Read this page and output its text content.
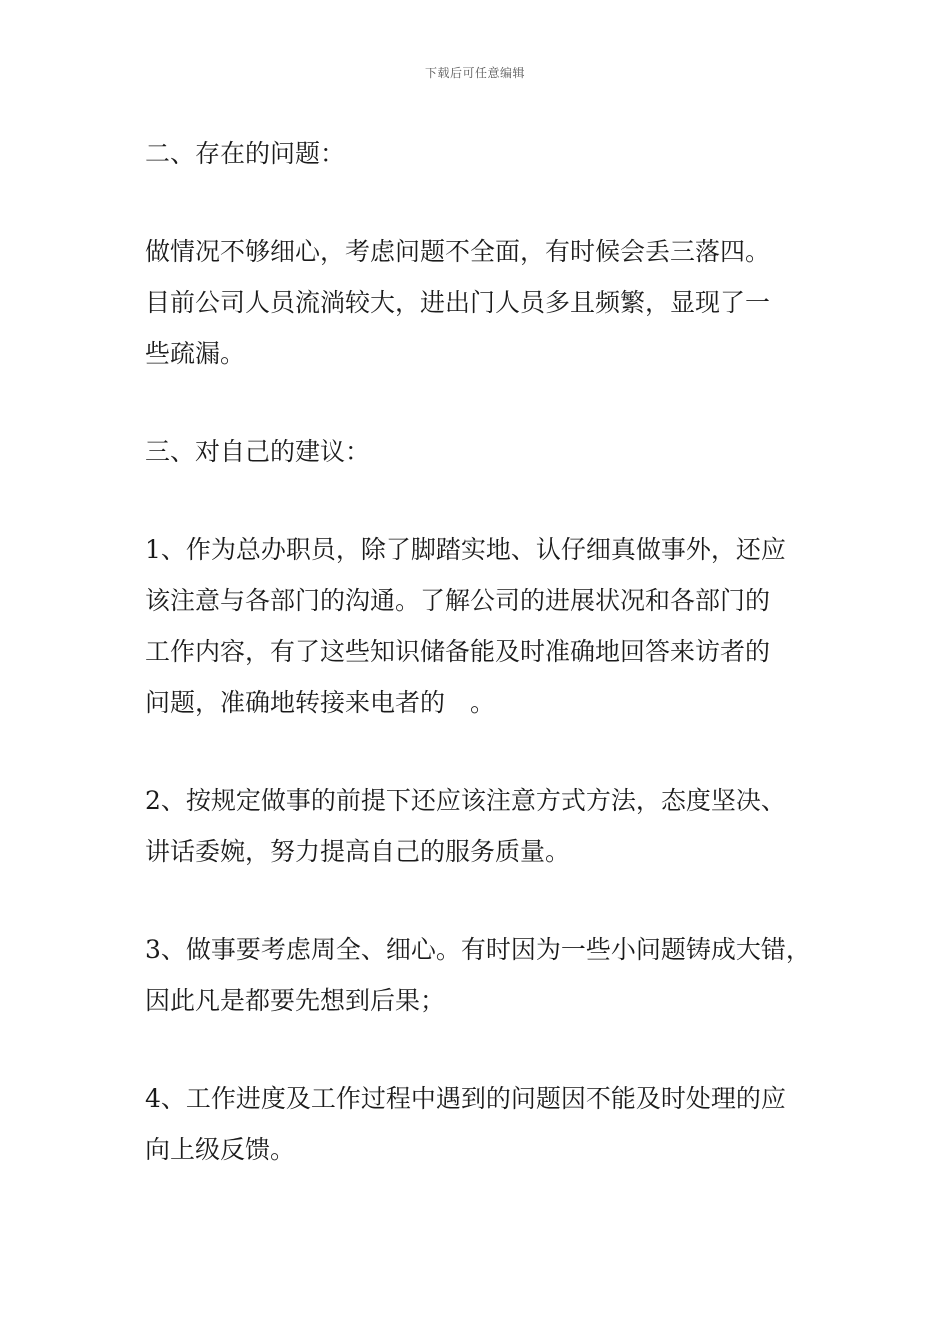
下载后可任意编辑
二、存在的问题：
做情况不够细心，考虑问题不全面，有时候会丢三落四。
目前公司人员流淌较大，进出门人员多且频繁，显现了一
些疏漏。
三、对自己的建议：
1、作为总办职员，除了脚踏实地、认仔细真做事外，还应
该注意与各部门的沟通。了解公司的进展状况和各部门的
工作内容，有了这些知识储备能及时准确地回答来访者的
问题，准确地转接来电者的　。
2、按规定做事的前提下还应该注意方式方法，态度坚决、
讲话委婉，努力提高自己的服务质量。
3、做事要考虑周全、细心。有时因为一些小问题铸成大错，
因此凡是都要先想到后果；
4、工作进度及工作过程中遇到的问题因不能及时处理的应
向上级反馈。
